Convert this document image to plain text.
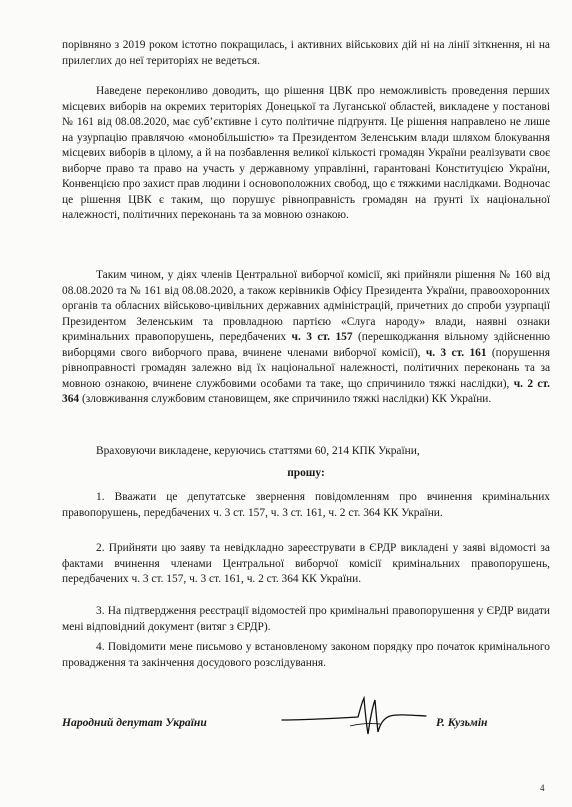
порівняно з 2019 роком істотно покращилась, і активних військових дій ні на лінії зіткнення, ні на прилеглих до неї територіях не ведеться.

Наведене переконливо доводить, що рішення ЦВК про неможливість проведення перших місцевих виборів на окремих територіях Донецької та Луганської областей, викладене у постанові № 161 від 08.08.2020, має суб’єктивне і суто політичне підґрунтя. Це рішення направлено не лише на узурпацію правлячою «монобільшістю» та Президентом Зеленським влади шляхом блокування місцевих виборів в цілому, а й на позбавлення великої кількості громадян України реалізувати своє виборче право та право на участь у державному управлінні, гарантовані Конституцією України, Конвенцією про захист прав людини і основоположних свобод, що є тяжкими наслідками. Водночас це рішення ЦВК є таким, що порушує рівноправність громадян на ґрунті їх національної належності, політичних переконань та за мовною ознакою.

Таким чином, у діях членів Центральної виборчої комісії, які прийняли рішення № 160 від 08.08.2020 та № 161 від 08.08.2020, а також керівників Офісу Президента України, правоохоронних органів та обласних військово-цивільних державних адміністрацій, причетних до спроби узурпації Президентом Зеленським та провладною партією «Слуга народу» влади, наявні ознаки кримінальних правопорушень, передбачених ч. 3 ст. 157 (перешкоджання вільному здійсненню виборцями свого виборчого права, вчинене членами виборчої комісії), ч. 3 ст. 161 (порушення рівноправності громадян залежно від їх національної належності, політичних переконань та за мовною ознакою, вчинене службовими особами та таке, що спричинило тяжкі наслідки), ч. 2 ст. 364 (зловживання службовим становищем, яке спричинило тяжкі наслідки) КК України.

Враховуючи викладене, керуючись статтями 60, 214 КПК України,

прошу:

1. Вважати це депутатське звернення повідомленням про вчинення кримінальних правопорушень, передбачених ч. 3 ст. 157, ч. 3 ст. 161, ч. 2 ст. 364 КК України.

2. Прийняти цю заяву та невідкладно зареєструвати в ЄРДР викладені у заяві відомості за фактами вчинення членами Центральної виборчої комісії кримінальних правопорушень, передбачених ч. 3 ст. 157, ч. 3 ст. 161, ч. 2 ст. 364 КК України.

3. На підтвердження реєстрації відомостей про кримінальні правопорушення у ЄРДР видати мені відповідний документ (витяг з ЄРДР).

4. Повідомити мене письмово у встановленому законом порядку про початок кримінального провадження та закінчення досудового розслідування.

Народний депутат України	Р. Кузьмін
4
